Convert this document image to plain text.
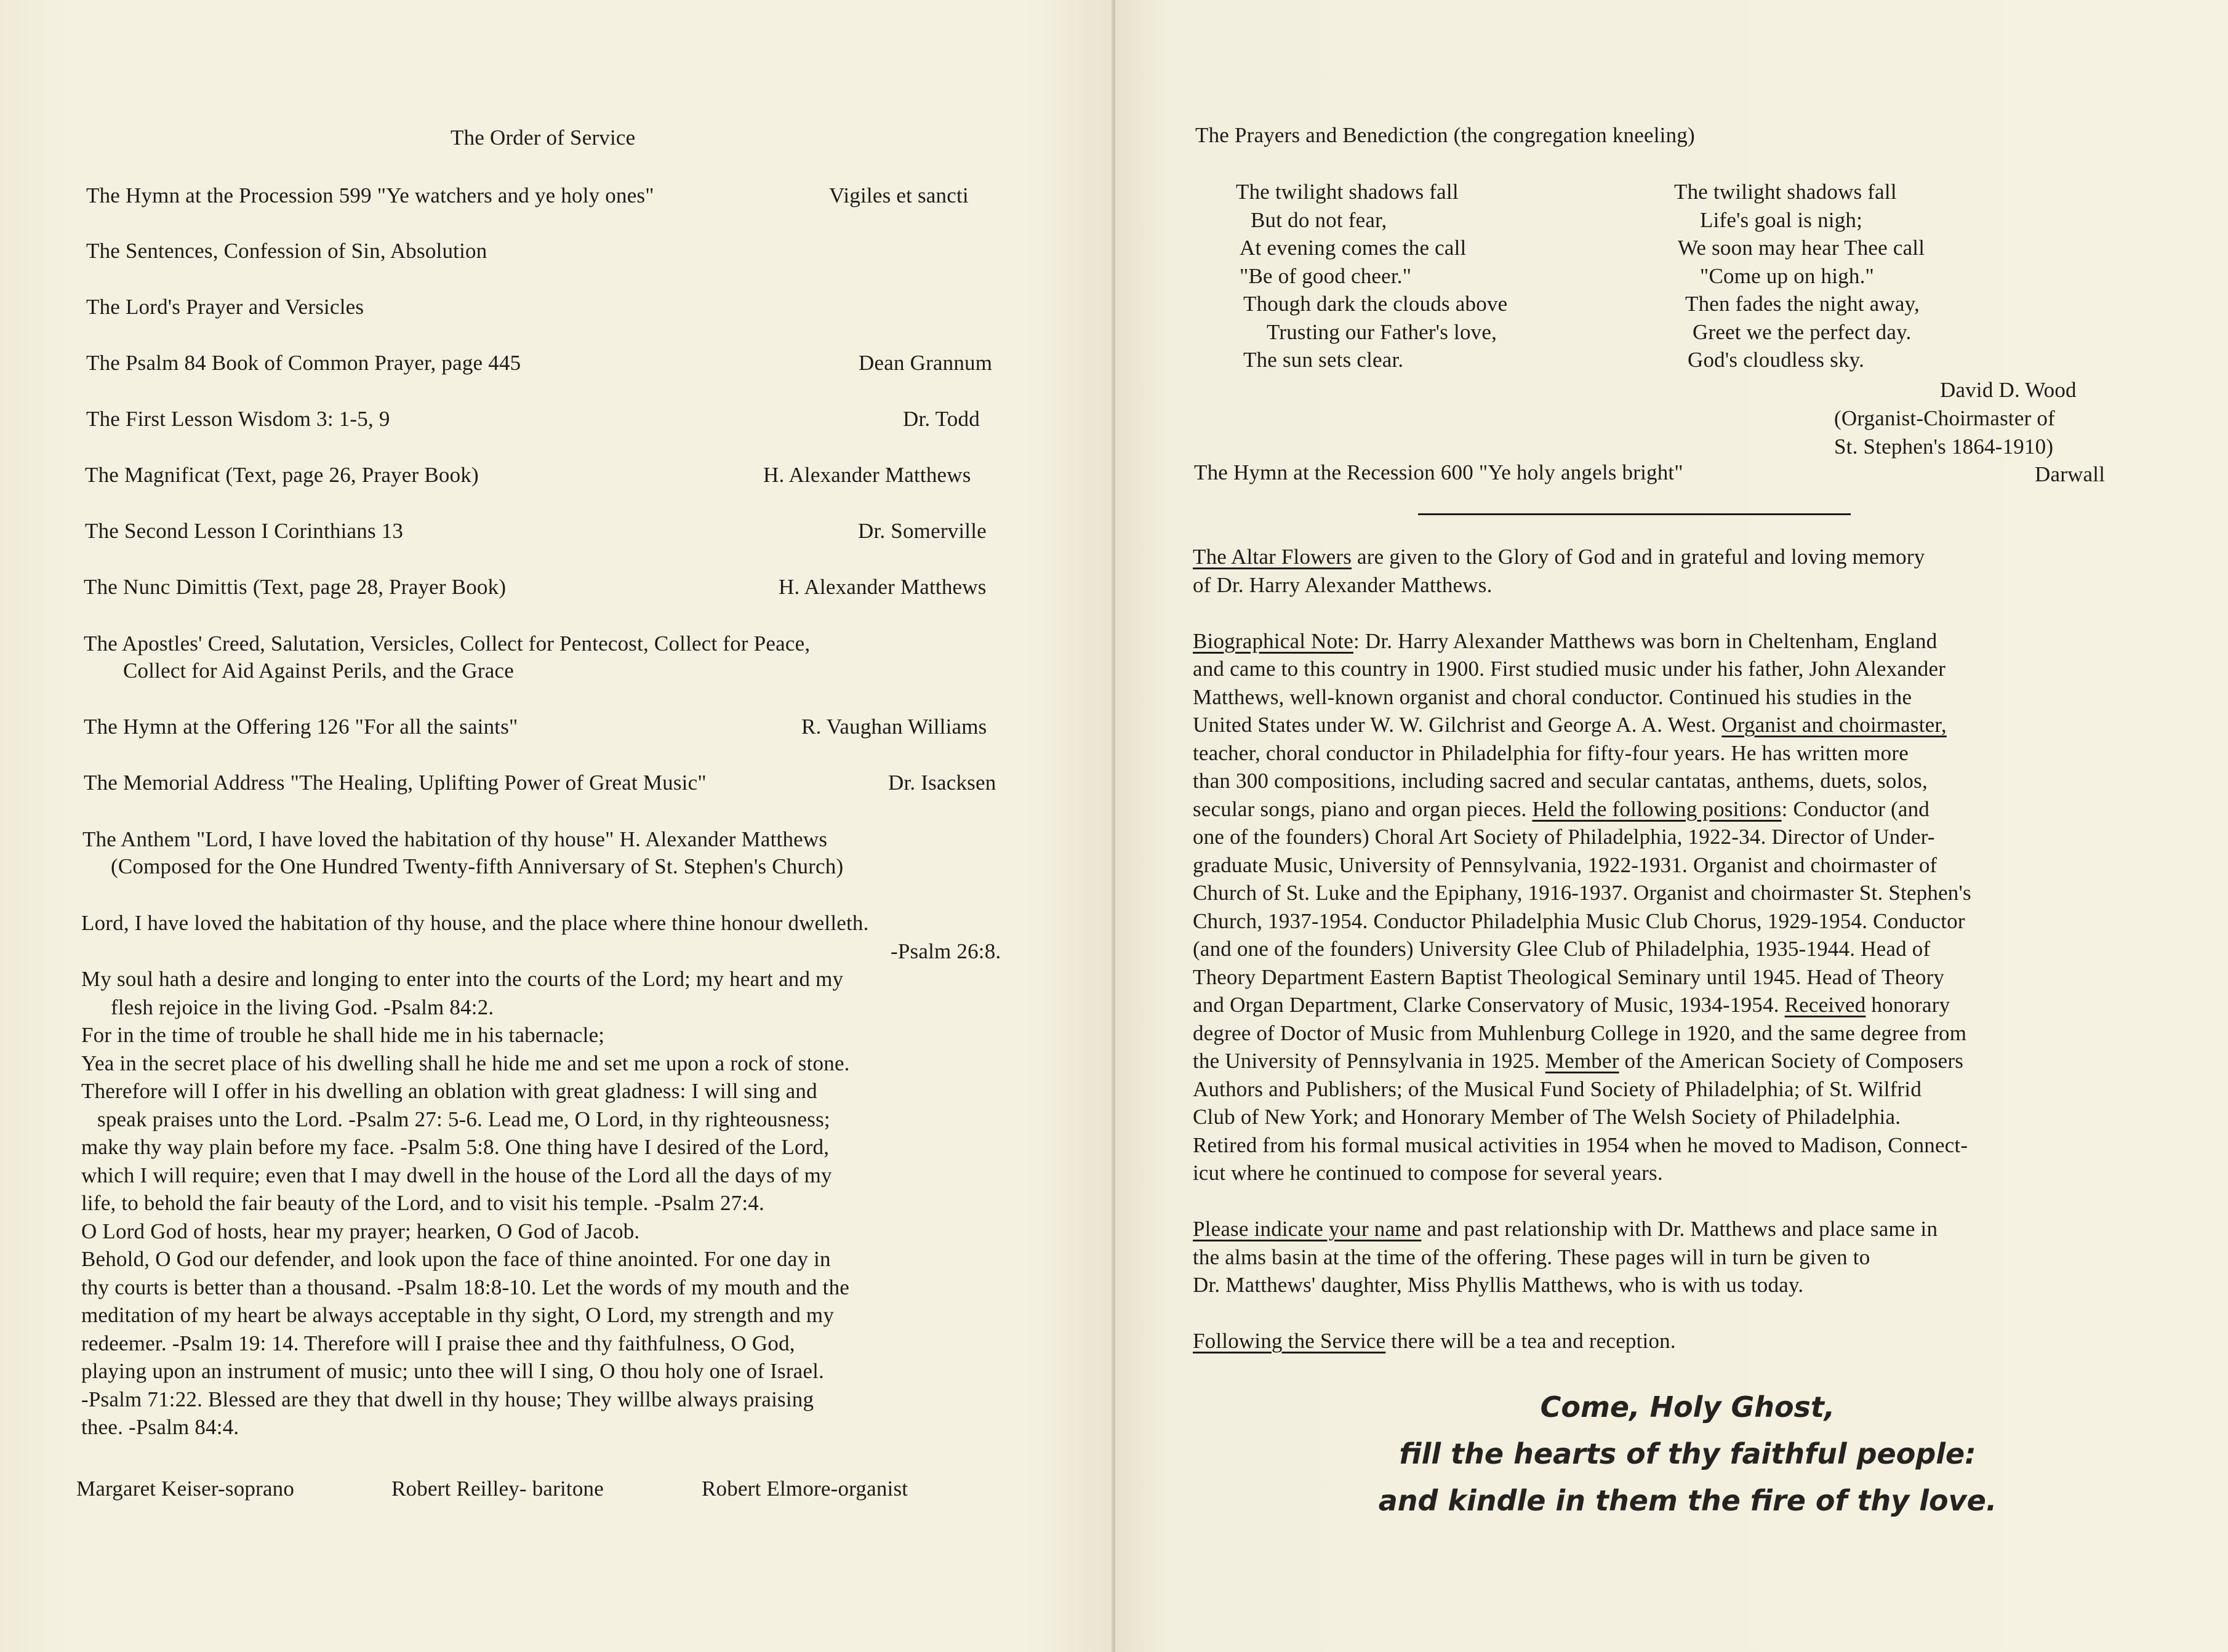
The Order of Service
The Hymn at the Procession 599 "Ye watchers and ye holy ones"	Vigiles et sancti
The Sentences, Confession of Sin, Absolution
The Lord's Prayer and Versicles
The Psalm 84 Book of Common Prayer, page 445	Dean Grannum
The First Lesson Wisdom 3: 1-5, 9	Dr. Todd
The Magnificat (Text, page 26, Prayer Book)	H. Alexander Matthews
The Second Lesson I Corinthians 13	Dr. Somerville
The Nunc Dimittis (Text, page 28, Prayer Book)	H. Alexander Matthews
The Apostles' Creed, Salutation, Versicles, Collect for Pentecost, Collect for Peace,
Collect for Aid Against Perils, and the Grace
The Hymn at the Offering 126 "For all the saints"	R. Vaughan Williams
The Memorial Address "The Healing, Uplifting Power of Great Music"	Dr. Isacksen
The Anthem "Lord, I have loved the habitation of thy house" H. Alexander Matthews
(Composed for the One Hundred Twenty-fifth Anniversary of St. Stephen's Church)
Lord, I have loved the habitation of thy house, and the place where thine honour dwelleth.
-Psalm 26:8.
My soul hath a desire and longing to enter into the courts of the Lord; my heart and my
flesh rejoice in the living God. -Psalm 84:2.
For in the time of trouble he shall hide me in his tabernacle;
Yea in the secret place of his dwelling shall he hide me and set me upon a rock of stone.
Therefore will I offer in his dwelling an oblation with great gladness: I will sing and
speak praises unto the Lord. -Psalm 27: 5-6. Lead me, O Lord, in thy righteousness;
make thy way plain before my face. -Psalm 5:8. One thing have I desired of the Lord,
which I will require; even that I may dwell in the house of the Lord all the days of my
life, to behold the fair beauty of the Lord, and to visit his temple. -Psalm 27:4.
O Lord God of hosts, hear my prayer; hearken, O God of Jacob.
Behold, O God our defender, and look upon the face of thine anointed. For one day in
thy courts is better than a thousand. -Psalm 18:8-10. Let the words of my mouth and the
meditation of my heart be always acceptable in thy sight, O Lord, my strength and my
redeemer. -Psalm 19: 14. Therefore will I praise thee and thy faithfulness, O God,
playing upon an instrument of music; unto thee will I sing, O thou holy one of Israel.
-Psalm 71:22. Blessed are they that dwell in thy house; They willbe always praising
thee. -Psalm 84:4.
Margaret Keiser-soprano	Robert Reilley- baritone	Robert Elmore-organist
The Prayers and Benediction (the congregation kneeling)
The twilight shadows fall
But do not fear,
At evening comes the call
"Be of good cheer."
Though dark the clouds above
Trusting our Father's love,
The sun sets clear.
The twilight shadows fall
Life's goal is nigh;
We soon may hear Thee call
"Come up on high."
Then fades the night away,
Greet we the perfect day.
God's cloudless sky.
David D. Wood
(Organist-Choirmaster of
St. Stephen's 1864-1910)
The Hymn at the Recession 600 "Ye holy angels bright"	Darwall
The Altar Flowers are given to the Glory of God and in grateful and loving memory
of Dr. Harry Alexander Matthews.
Biographical Note: Dr. Harry Alexander Matthews was born in Cheltenham, England
and came to this country in 1900. First studied music under his father, John Alexander
Matthews, well-known organist and choral conductor. Continued his studies in the
United States under W. W. Gilchrist and George A. A. West. Organist and choirmaster,
teacher, choral conductor in Philadelphia for fifty-four years. He has written more
than 300 compositions, including sacred and secular cantatas, anthems, duets, solos,
secular songs, piano and organ pieces. Held the following positions: Conductor (and
one of the founders) Choral Art Society of Philadelphia, 1922-34. Director of Under-
graduate Music, University of Pennsylvania, 1922-1931. Organist and choirmaster of
Church of St. Luke and the Epiphany, 1916-1937. Organist and choirmaster St. Stephen's
Church, 1937-1954. Conductor Philadelphia Music Club Chorus, 1929-1954. Conductor
(and one of the founders) University Glee Club of Philadelphia, 1935-1944. Head of
Theory Department Eastern Baptist Theological Seminary until 1945. Head of Theory
and Organ Department, Clarke Conservatory of Music, 1934-1954. Received honorary
degree of Doctor of Music from Muhlenburg College in 1920, and the same degree from
the University of Pennsylvania in 1925. Member of the American Society of Composers
Authors and Publishers; of the Musical Fund Society of Philadelphia; of St. Wilfrid
Club of New York; and Honorary Member of The Welsh Society of Philadelphia.
Retired from his formal musical activities in 1954 when he moved to Madison, Connect-
icut where he continued to compose for several years.
Please indicate your name and past relationship with Dr. Matthews and place same in
the alms basin at the time of the offering. These pages will in turn be given to
Dr. Matthews' daughter, Miss Phyllis Matthews, who is with us today.
Following the Service there will be a tea and reception.
Come, Holy Ghost,
fill the hearts of thy faithful people:
and kindle in them the fire of thy love.
